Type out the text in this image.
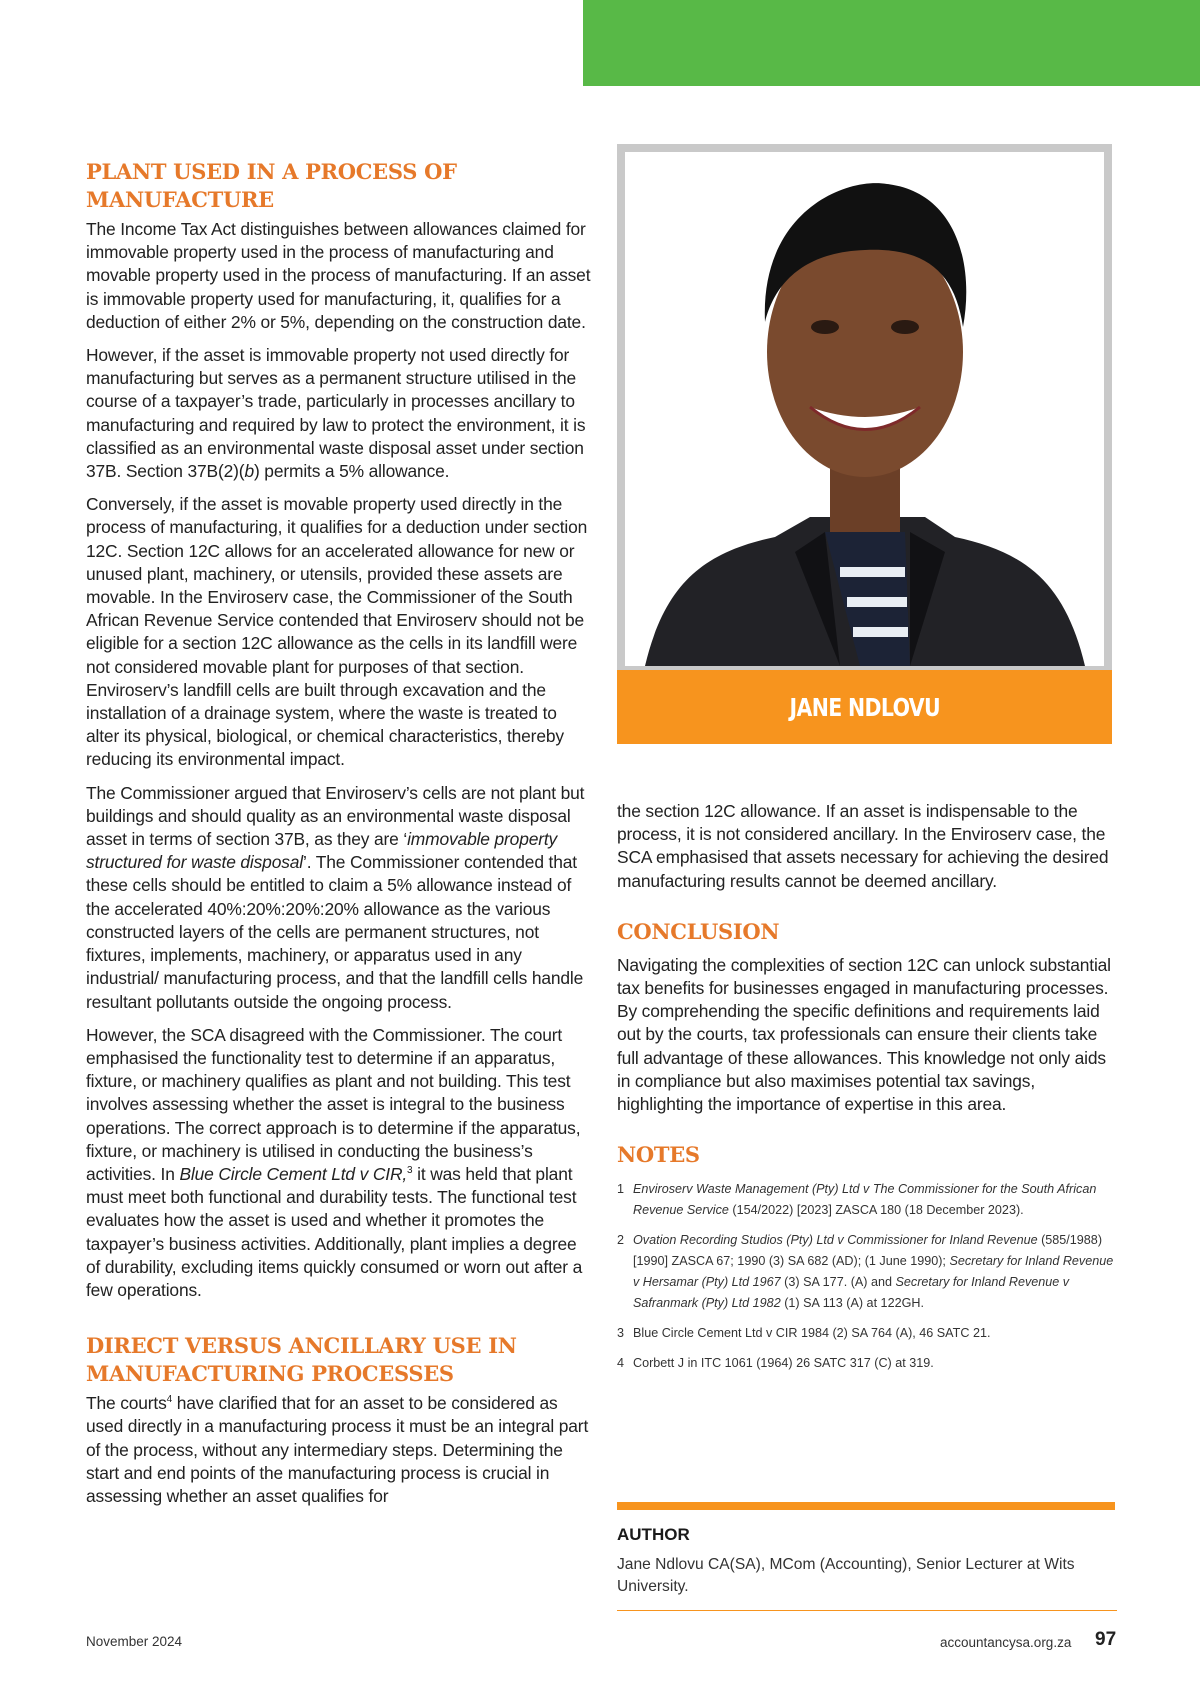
PLANT USED IN A PROCESS OF MANUFACTURE

The Income Tax Act distinguishes between allowances claimed for immovable property used in the process of manufacturing and movable property used in the process of manufacturing. If an asset is immovable property used for manufacturing, it, qualifies for a deduction of either 2% or 5%, depending on the construction date.

However, if the asset is immovable property not used directly for manufacturing but serves as a permanent structure utilised in the course of a taxpayer’s trade, particularly in processes ancillary to manufacturing and required by law to protect the environment, it is classified as an environmental waste disposal asset under section 37B. Section 37B(2)(b) permits a 5% allowance.

Conversely, if the asset is movable property used directly in the process of manufacturing, it qualifies for a deduction under section 12C. Section 12C allows for an accelerated allowance for new or unused plant, machinery, or utensils, provided these assets are movable. In the Enviroserv case, the Commissioner of the South African Revenue Service contended that Enviroserv should not be eligible for a section 12C allowance as the cells in its landfill were not considered movable plant for purposes of that section. Enviroserv’s landfill cells are built through excavation and the installation of a drainage system, where the waste is treated to alter its physical, biological, or chemical characteristics, thereby reducing its environmental impact.

The Commissioner argued that Enviroserv’s cells are not plant but buildings and should quality as an environmental waste disposal asset in terms of section 37B, as they are ‘immovable property structured for waste disposal’. The Commissioner contended that these cells should be entitled to claim a 5% allowance instead of the accelerated 40%:20%:20%:20% allowance as the various constructed layers of the cells are permanent structures, not fixtures, implements, machinery, or apparatus used in any industrial/ manufacturing process, and that the landfill cells handle resultant pollutants outside the ongoing process.

However, the SCA disagreed with the Commissioner. The court emphasised the functionality test to determine if an apparatus, fixture, or machinery qualifies as plant and not building. This test involves assessing whether the asset is integral to the business operations. The correct approach is to determine if the apparatus, fixture, or machinery is utilised in conducting the business’s activities. In Blue Circle Cement Ltd v CIR,$^3$ it was held that plant must meet both functional and durability tests. The functional test evaluates how the asset is used and whether it promotes the taxpayer’s business activities. Additionally, plant implies a degree of durability, excluding items quickly consumed or worn out after a few operations.

DIRECT VERSUS ANCILLARY USE IN MANUFACTURING PROCESSES

The courts$^4$ have clarified that for an asset to be considered as used directly in a manufacturing process it must be an integral part of the process, without any intermediary steps. Determining the start and end points of the manufacturing process is crucial in assessing whether an asset qualifies for

JANE NDLOVU

the section 12C allowance. If an asset is indispensable to the process, it is not considered ancillary. In the Enviroserv case, the SCA emphasised that assets necessary for achieving the desired manufacturing results cannot be deemed ancillary.

CONCLUSION

Navigating the complexities of section 12C can unlock substantial tax benefits for businesses engaged in manufacturing processes. By comprehending the specific definitions and requirements laid out by the courts, tax professionals can ensure their clients take full advantage of these allowances. This knowledge not only aids in compliance but also maximises potential tax savings, highlighting the importance of expertise in this area.

NOTES
1 Enviroserv Waste Management (Pty) Ltd v The Commissioner for the South African Revenue Service (154/2022) [2023] ZASCA 180 (18 December 2023).
2 Ovation Recording Studios (Pty) Ltd v Commissioner for Inland Revenue (585/1988) [1990] ZASCA 67; 1990 (3) SA 682 (AD); (1 June 1990); Secretary for Inland Revenue v Hersamar (Pty) Ltd 1967 (3) SA 177. (A) and Secretary for Inland Revenue v Safranmark (Pty) Ltd 1982 (1) SA 113 (A) at 122GH.
3 Blue Circle Cement Ltd v CIR 1984 (2) SA 764 (A), 46 SATC 21.
4 Corbett J in ITC 1061 (1964) 26 SATC 317 (C) at 319.
AUTHOR
Jane Ndlovu CA(SA), MCom (Accounting), Senior Lecturer at Wits University.
November 2024	accountancysa.org.za 97
